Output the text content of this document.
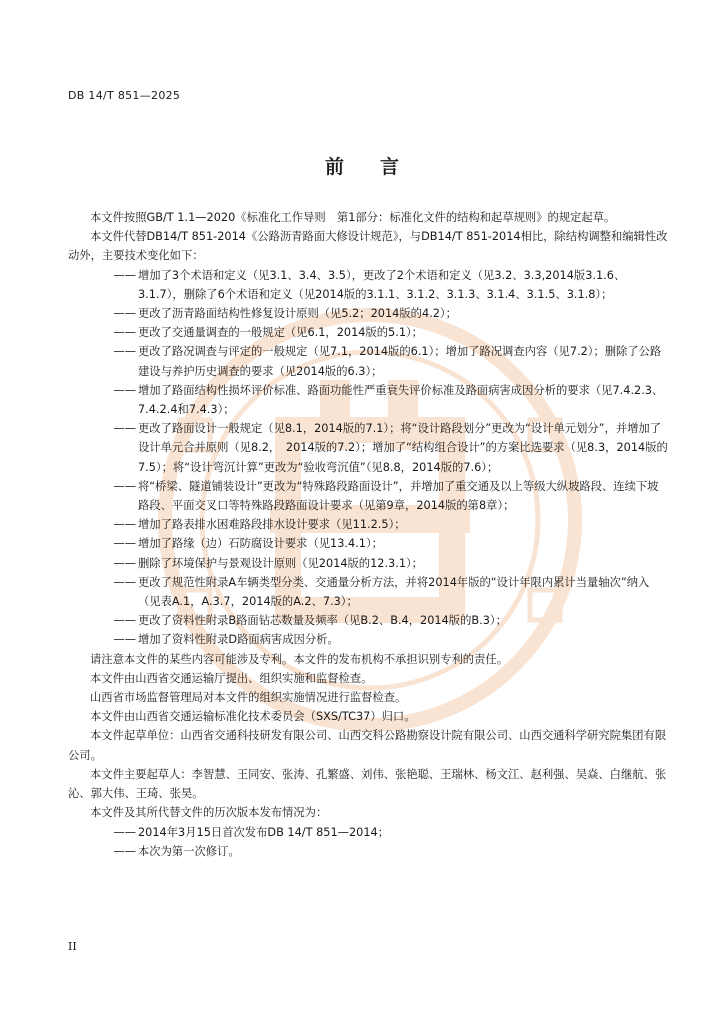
DB 14/T 851—2025
前言

本文件按照GB/T 1.1—2020《标准化工作导则　第1部分：标准化文件的结构和起草规则》的规定起草。

本文件代替DB14/T 851-2014《公路沥青路面大修设计规范》，与DB14/T 851-2014相比，除结构调整和编辑性改动外，主要技术变化如下：

—— 增加了3个术语和定义（见3.1、3.4、3.5），更改了2个术语和定义（见3.2、3.3,2014版3.1.6、3.1.7），删除了6个术语和定义（见2014版的3.1.1、3.1.2、3.1.3、3.1.4、3.1.5、3.1.8）；

—— 更改了沥青路面结构性修复设计原则（见5.2；2014版的4.2）；

—— 更改了交通量调查的一般规定（见6.1，2014版的5.1）；

—— 更改了路况调查与评定的一般规定（见7.1，2014版的6.1）；增加了路况调查内容（见7.2）；删除了公路建设与养护历史调查的要求（见2014版的6.3）；

—— 增加了路面结构性损坏评价标准、路面功能性严重衰失评价标准及路面病害成因分析的要求（见7.4.2.3、7.4.2.4和7.4.3）；

—— 更改了路面设计一般规定（见8.1，2014版的7.1）；将“设计路段划分”更改为“设计单元划分”，并增加了设计单元合并原则（见8.2，　2014版的7.2）；增加了“结构组合设计”的方案比选要求（见8.3，2014版的7.5）；将“设计弯沉计算”更改为“验收弯沉值”（见8.8，2014版的7.6）；

—— 将“桥梁、隧道铺装设计”更改为“特殊路段路面设计”，并增加了重交通及以上等级大纵坡路段、连续下坡路段、平面交叉口等特殊路段路面设计要求（见第9章，2014版的第8章）；

—— 增加了路表排水困难路段排水设计要求（见11.2.5）；

—— 增加了路缘（边）石防腐设计要求（见13.4.1）；

—— 删除了环境保护与景观设计原则（见2014版的12.3.1）；

—— 更改了规范性附录A车辆类型分类、交通量分析方法，并将2014年版的“设计年限内累计当量轴次”纳入（见表A.1，A.3.7，2014版的A.2、7.3）；

—— 更改了资料性附录B路面钻芯数量及频率（见B.2、B.4，2014版的B.3）；

—— 增加了资料性附录D路面病害成因分析。

请注意本文件的某些内容可能涉及专利。本文件的发布机构不承担识别专利的责任。

本文件由山西省交通运输厅提出、组织实施和监督检查。

山西省市场监督管理局对本文件的组织实施情况进行监督检查。

本文件由山西省交通运输标准化技术委员会（SXS/TC37）归口。

本文件起草单位：山西省交通科技研发有限公司、山西交科公路勘察设计院有限公司、山西交通科学研究院集团有限公司。

本文件主要起草人：李智慧、王同安、张涛、孔繁盛、刘伟、张艳聪、王瑞林、杨文江、赵利强、吴焱、白继航、张沁、郭大伟、王琦、张昊。

本文件及其所代替文件的历次版本发布情况为：

—— 2014年3月15日首次发布DB 14/T 851—2014；

—— 本次为第一次修订。

II
